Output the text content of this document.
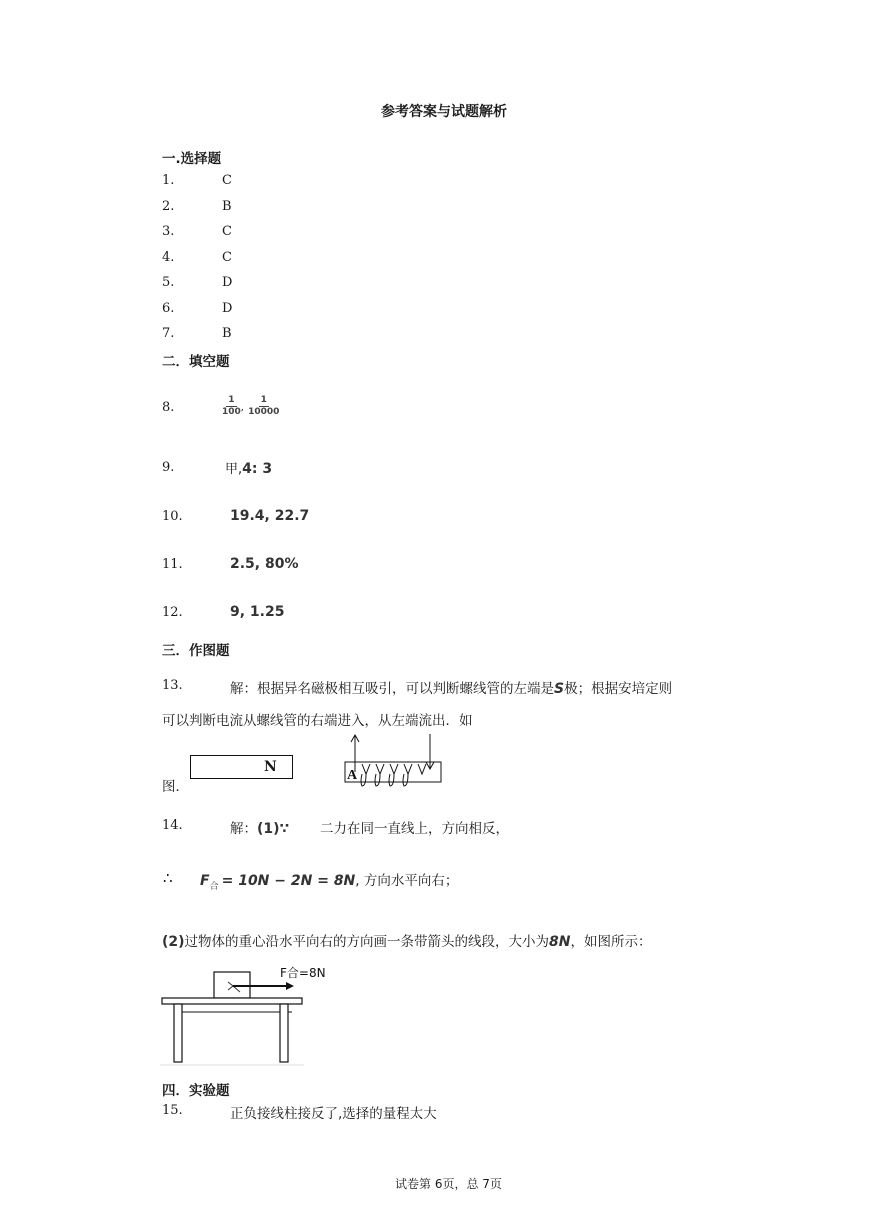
参考答案与试题解析
一.选择题
1.	C
2.	B
3.	C
4.	C
5.	D
6.	D
7.	B
二．填空题
8.	$\frac{1}{100}$ , $\frac{1}{10000}$
9.	甲,4: 3
10.	19.4, 22.7
11.	2.5, 80%
12.	9, 1.25
三．作图题
13.	解：根据异名磁极相互吸引，可以判断螺线管的左端是S极；根据安培定则
可以判断电流从螺线管的右端进入，从左端流出．如
图．
N
A
14.	解：(1)∵ 二力在同一直线上，方向相反，
∴ $F_合 = 10N - 2N = 8N$, 方向水平向右；
(2)过物体的重心沿水平向右的方向画一条带箭头的线段，大小为8N，如图所示：
F合=8N
四．实验题
15.	正负接线柱接反了,选择的量程太大
试卷第 6页，总 7页
